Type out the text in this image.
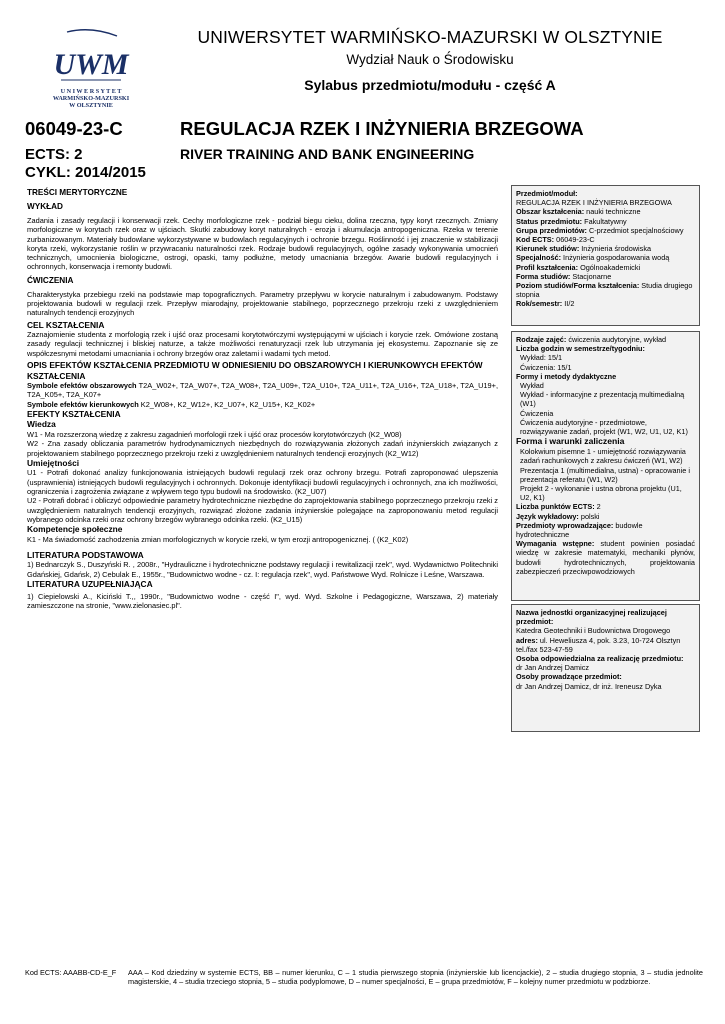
UWM
U N I W E R S Y T E T
WARMIŃSKO-MAZURSKI
W OLSZTYNIE
UNIWERSYTET WARMIŃSKO-MAZURSKI W OLSZTYNIE
Wydział Nauk o Środowisku
Sylabus przedmiotu/modułu - część A
06049-23-C
ECTS: 2
CYKL: 2014/2015
REGULACJA RZEK I INŻYNIERIA BRZEGOWA
RIVER TRAINING AND BANK ENGINEERING
TREŚCI MERYTORYCZNE
WYKŁAD

Zadania i zasady regulacji i konserwacji rzek. Cechy morfologiczne rzek - podział biegu cieku, dolina rzeczna, typy koryt rzecznych. Zmiany morfologiczne w korytach rzek oraz w ujściach. Skutki zabudowy koryt naturalnych - erozja i akumulacja antropogeniczna. Rzeka w terenie zurbanizowanym. Materiały budowlane wykorzystywane w budowlach regulacyjnych i ochronie brzegu. Roślinność i jej znaczenie w stabilizacji koryta rzeki, wykorzystanie roślin w przywracaniu naturalności rzek. Rodzaje budowli regulacyjnych, ogólne zasady wykonywania umocnień technicznych, umocnienia biologiczne, ostrogi, opaski, tamy podłużne, metody umacniania brzegów. Awarie budowli regulacyjnych i ochronnych, konserwacja i remonty budowli.

ĆWICZENIA

Charakterystyka przebiegu rzeki na podstawie map topograficznych. Parametry przepływu w korycie naturalnym i zabudowanym. Podstawy projektowania budowli w regulacji rzek. Przepływ miarodajny, projektowanie stabilnego, poprzecznego przekroju rzeki z uwzględnieniem naturalnych tendencji erozyjnych

CEL KSZTAŁCENIA

Zaznajomienie studenta z morfologią rzek i ujść oraz procesami korytotwórczymi występującymi w ujściach i korycie rzek. Omówione zostaną zasady regulacji technicznej i bliskiej naturze, a także możliwości renaturyzacji rzek lub utrzymania jej ekosystemu. Zapoznanie się ze współczesnymi metodami umacniania i ochrony brzegów oraz zaletami i wadami tych metod.

OPIS EFEKTÓW KSZTAŁCENIA PRZEDMIOTU W ODNIESIENIU DO OBSZAROWYCH I KIERUNKOWYCH EFEKTÓW KSZTAŁCENIA

Symbole efektów obszarowych T2A_W02+, T2A_W07+, T2A_W08+, T2A_U09+, T2A_U10+, T2A_U11+, T2A_U16+, T2A_U18+, T2A_U19+, T2A_K05+, T2A_K07+

Symbole efektów kierunkowych K2_W08+, K2_W12+, K2_U07+, K2_U15+, K2_K02+

EFEKTY KSZTAŁCENIA
Wiedza

W1 - Ma rozszerzoną wiedzę z zakresu zagadnień morfologii rzek i ujść oraz procesów korytotwórczych (K2_W08)

W2 - Zna zasady obliczania parametrów hydrodynamicznych niezbędnych do rozwiązywania złożonych zadań inżynierskich związanych z projektowaniem stabilnego poprzecznego przekroju rzeki z uwzględnieniem naturalnych tendencji erozyjnych (K2_W12)

Umiejętności

U1 - Potrafi dokonać analizy funkcjonowania istniejących budowli regulacji rzek oraz ochrony brzegu. Potrafi zaproponować ulepszenia (usprawnienia) istniejących budowli regulacyjnych i ochronnych. Dokonuje identyfikacji budowli regulacyjnych i ochronnych, zna ich możliwości, ograniczenia i zagrożenia związane z wpływem tego typu budowli na środowisko. (K2_U07)

U2 - Potrafi dobrać i obliczyć odpowiednie parametry hydrotechniczne niezbędne do zaprojektowania stabilnego poprzecznego przekroju rzeki z uwzględnieniem naturalnych tendencji erozyjnych, rozwiązać złożone zadania inżynierskie polegające na zaproponowaniu metod regulacji wybranego odcinka rzeki oraz ochrony brzegów wybranego odcinka rzeki. (K2_U15)

Kompetencje społeczne

K1 - Ma świadomość zachodzenia zmian morfologicznych w korycie rzeki, w tym erozji antropogenicznej. ( (K2_K02)

LITERATURA PODSTAWOWA

1) Bednarczyk S., Duszyński R. , 2008r., "Hydrauliczne i hydrotechniczne podstawy regulacji i rewitalizacji rzek", wyd. Wydawnictwo Politechniki Gdańskiej, Gdańsk, 2) Cebulak E., 1955r., "Budownictwo wodne - cz. I: regulacja rzek", wyd. Państwowe Wyd. Rolnicze i Leśne, Warszawa.

LITERATURA UZUPEŁNIAJĄCA

1) Ciepielowski A., Kiciński T.,, 1990r., "Budownictwo wodne - część I", wyd. Wyd. Szkolne i Pedagogiczne, Warszawa, 2) materiały zamieszczone na stronie, "www.zielonasiec.pl".

Przedmiot/moduł:

REGULACJA RZEK I INŻYNIERIA BRZEGOWA

Obszar kształcenia: nauki techniczne

Status przedmiotu: Fakultatywny

Grupa przedmiotów: C-przedmiot specjalnościowy

Kod ECTS: 06049-23-C

Kierunek studiów: Inżynieria środowiska

Specjalność: Inżynieria gospodarowania wodą

Profil kształcenia: Ogólnoakademicki

Forma studiów: Stacjonarne

Poziom studiów/Forma kształcenia: Studia drugiego stopnia

Rok/semestr: II/2

Rodzaje zajęć: ćwiczenia audytoryjne, wykład

Liczba godzin w semestrze/tygodniu:

Wykład: 15/1

Ćwiczenia: 15/1

Formy i metody dydaktyczne

Wykład

Wykład - informacyjne z prezentacją multimedialną (W1)

Ćwiczenia

Ćwiczenia audytoryjne - przedmiotowe, rozwiązywanie zadań, projekt (W1, W2, U1, U2, K1)

Forma i warunki zaliczenia

Kolokwium pisemne 1 - umiejętność rozwiązywania zadań rachunkowych z zakresu ćwiczeń (W1, W2)

Prezentacja 1 (multimedialna, ustna) - opracowanie i prezentacja referatu (W1, W2)

Projekt 2 - wykonanie i ustna obrona projektu (U1, U2, K1)

Liczba punktów ECTS: 2

Język wykładowy: polski

Przedmioty wprowadzające: budowle hydrotechniczne

Wymagania wstępne: student powinien posiadać wiedzę w zakresie matematyki, mechaniki płynów, budowli hydrotechnicznych, projektowania zabezpieczeń przeciwpowodziowych

Nazwa jednostki organizacyjnej realizującej przedmiot:

Katedra Geotechniki i Budownictwa Drogowego

adres: ul. Heweliusza 4, pok. 3.23, 10-724 Olsztyn

tel./fax 523-47-59

Osoba odpowiedzialna za realizację przedmiotu:

dr Jan Andrzej Damicz

Osoby prowadzące przedmiot:

dr Jan Andrzej Damicz, dr inż. Ireneusz Dyka

Kod ECTS: AAABB-CD-E_F AAA – Kod dziedziny w systemie ECTS, BB – numer kierunku, C – 1 studia pierwszego stopnia (inżynierskie lub licencjackie), 2 – studia drugiego stopnia, 3 – studia jednolite magisterskie, 4 – studia trzeciego stopnia, 5 – studia podyplomowe, D – numer specjalności, E – grupa przedmiotów, F – kolejny numer przedmiotu w podzbiorze.
